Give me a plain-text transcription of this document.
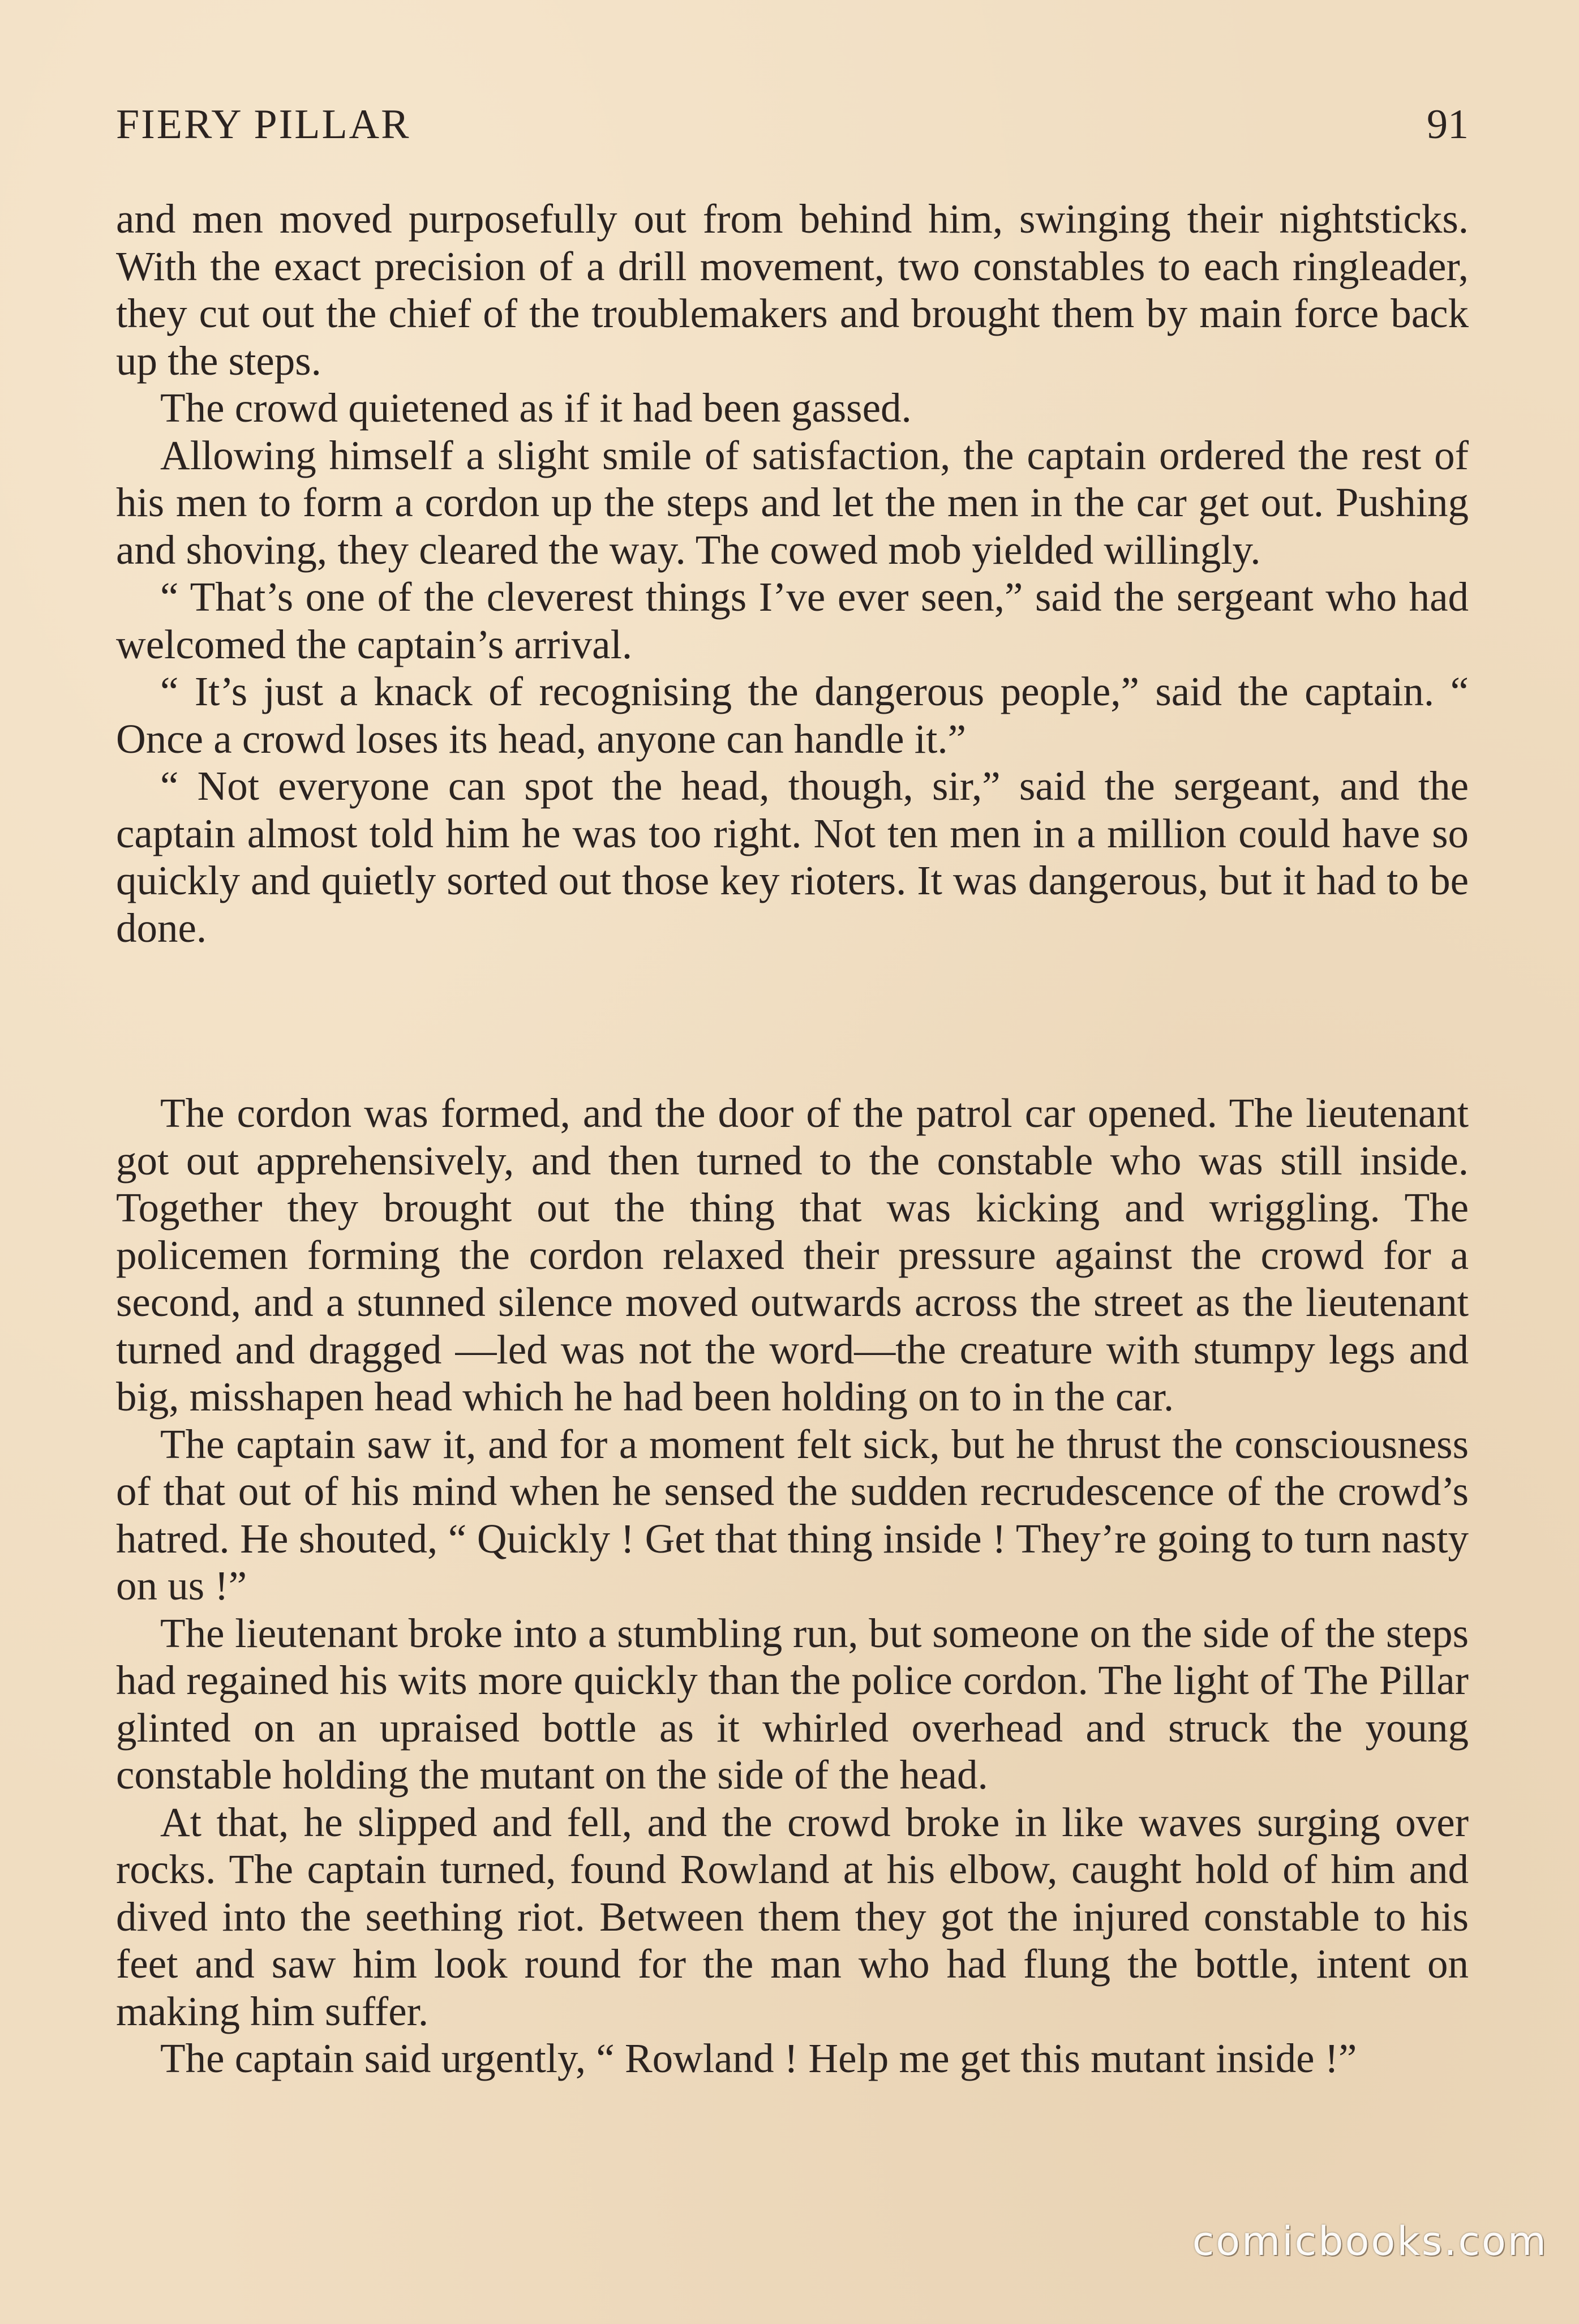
FIERY PILLAR	91

and men moved purposefully out from behind him, swinging their nightsticks. With the exact precision of a drill movement, two constables to each ringleader, they cut out the chief of the troublemakers and brought them by main force back up the steps.

The crowd quietened as if it had been gassed.

Allowing himself a slight smile of satisfaction, the captain ordered the rest of his men to form a cordon up the steps and let the men in the car get out. Pushing and shoving, they cleared the way. The cowed mob yielded willingly.

“ That’s one of the cleverest things I’ve ever seen,” said the sergeant who had welcomed the captain’s arrival.

“ It’s just a knack of recognising the dangerous people,” said the captain. “ Once a crowd loses its head, anyone can handle it.”

“ Not everyone can spot the head, though, sir,” said the sergeant, and the captain almost told him he was too right. Not ten men in a million could have so quickly and quietly sorted out those key rioters. It was dangerous, but it had to be done.

The cordon was formed, and the door of the patrol car opened. The lieutenant got out apprehensively, and then turned to the constable who was still inside. Together they brought out the thing that was kicking and wriggling. The policemen forming the cordon relaxed their pressure against the crowd for a second, and a stunned silence moved outwards across the street as the lieutenant turned and dragged —led was not the word—the creature with stumpy legs and big, misshapen head which he had been holding on to in the car.

The captain saw it, and for a moment felt sick, but he thrust the consciousness of that out of his mind when he sensed the sudden recrudescence of the crowd’s hatred. He shouted, “ Quickly ! Get that thing inside ! They’re going to turn nasty on us !”

The lieutenant broke into a stumbling run, but someone on the side of the steps had regained his wits more quickly than the police cordon. The light of The Pillar glinted on an upraised bottle as it whirled overhead and struck the young constable holding the mutant on the side of the head.

At that, he slipped and fell, and the crowd broke in like waves surging over rocks. The captain turned, found Rowland at his elbow, caught hold of him and dived into the seething riot. Between them they got the injured constable to his feet and saw him look round for the man who had flung the bottle, intent on making him suffer.

The captain said urgently, “ Rowland ! Help me get this mutant inside !”

comicbooks.com
